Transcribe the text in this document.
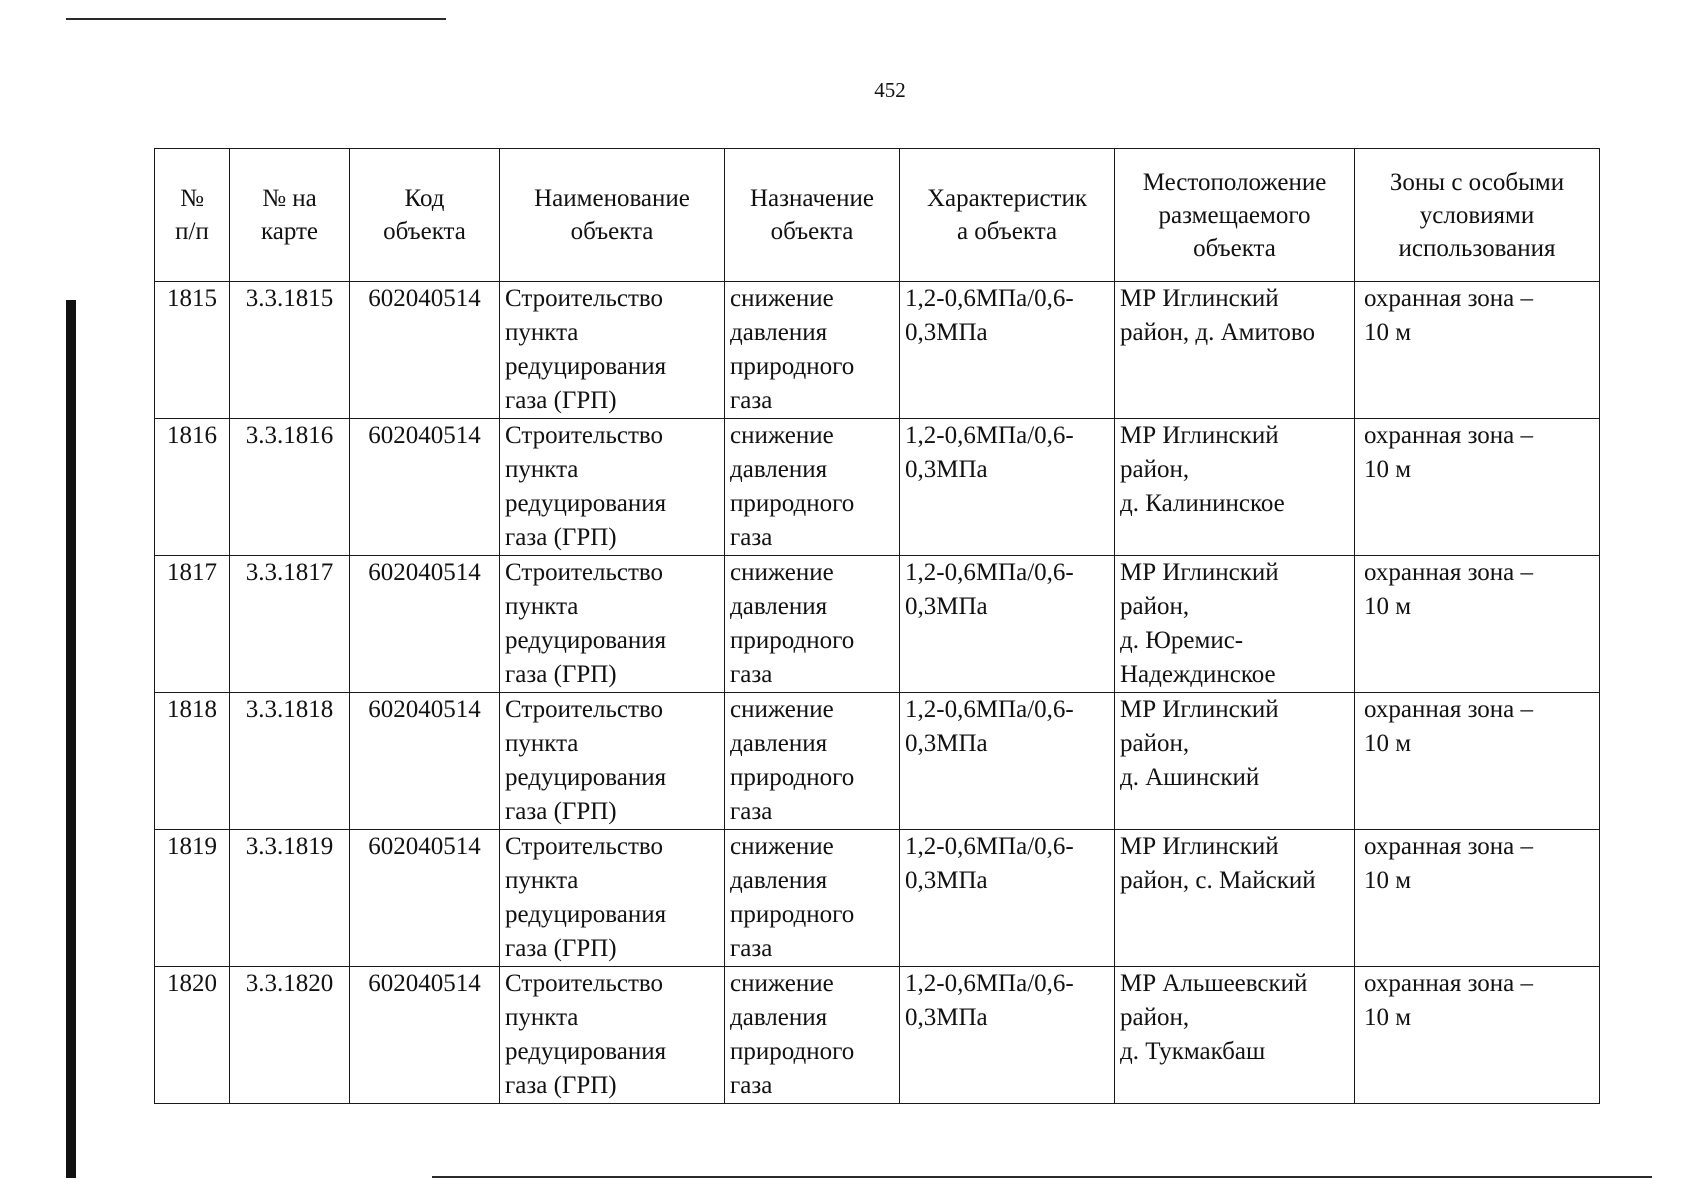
452
№
п/п	№ на
карте	Код
объекта	Наименование
объекта	Назначение
объекта	Характеристик
а объекта	Местоположение
размещаемого
объекта	Зоны с особыми
условиями
использования
1815	3.3.1815	602040514	Строительство
пункта
редуцирования
газа (ГРП)	снижение
давления
природного
газа	1,2-0,6МПа/0,6-
0,3МПа	МР Иглинский
район, д. Амитово	охранная зона –
10 м
1816	3.3.1816	602040514	Строительство
пункта
редуцирования
газа (ГРП)	снижение
давления
природного
газа	1,2-0,6МПа/0,6-
0,3МПа	МР Иглинский
район,
д. Калининское	охранная зона –
10 м
1817	3.3.1817	602040514	Строительство
пункта
редуцирования
газа (ГРП)	снижение
давления
природного
газа	1,2-0,6МПа/0,6-
0,3МПа	МР Иглинский
район,
д. Юремис-
Надеждинское	охранная зона –
10 м
1818	3.3.1818	602040514	Строительство
пункта
редуцирования
газа (ГРП)	снижение
давления
природного
газа	1,2-0,6МПа/0,6-
0,3МПа	МР Иглинский
район,
д. Ашинский	охранная зона –
10 м
1819	3.3.1819	602040514	Строительство
пункта
редуцирования
газа (ГРП)	снижение
давления
природного
газа	1,2-0,6МПа/0,6-
0,3МПа	МР Иглинский
район, с. Майский	охранная зона –
10 м
1820	3.3.1820	602040514	Строительство
пункта
редуцирования
газа (ГРП)	снижение
давления
природного
газа	1,2-0,6МПа/0,6-
0,3МПа	МР Альшеевский
район,
д. Тукмакбаш	охранная зона –
10 м
